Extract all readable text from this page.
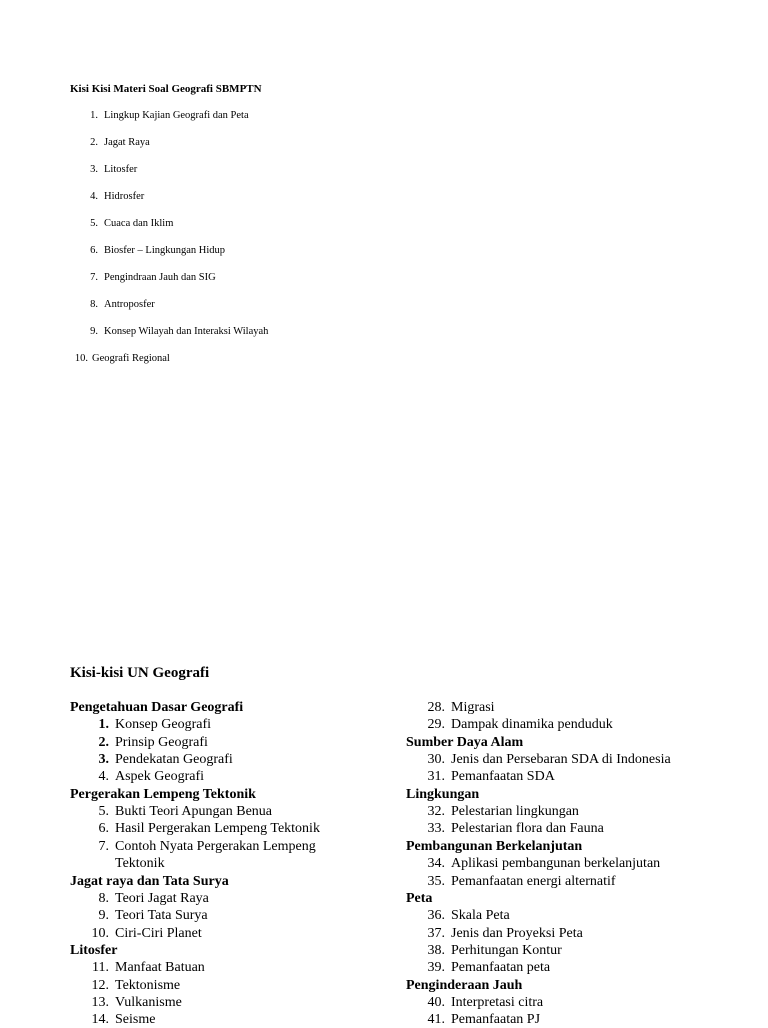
Kisi Kisi Materi Soal Geografi SBMPTN
1. Lingkup Kajian Geografi dan Peta
2. Jagat Raya
3. Litosfer
4. Hidrosfer
5. Cuaca dan Iklim
6. Biosfer – Lingkungan Hidup
7. Pengindraan Jauh dan SIG
8. Antroposfer
9. Konsep Wilayah dan Interaksi Wilayah
10. Geografi Regional
Kisi-kisi UN Geografi
Pengetahuan Dasar Geografi
1. Konsep Geografi
2. Prinsip Geografi
3. Pendekatan Geografi
4. Aspek Geografi
Pergerakan Lempeng Tektonik
5. Bukti Teori Apungan Benua
6. Hasil Pergerakan Lempeng Tektonik
7. Contoh Nyata Pergerakan Lempeng
Tektonik
Jagat raya dan Tata Surya
8. Teori Jagat Raya
9. Teori Tata Surya
10. Ciri-Ciri Planet
Litosfer
11. Manfaat Batuan
12. Tektonisme
13. Vulkanisme
14. Seisme
28. Migrasi
29. Dampak dinamika penduduk
Sumber Daya Alam
30. Jenis dan Persebaran SDA di Indonesia
31. Pemanfaatan SDA
Lingkungan
32. Pelestarian lingkungan
33. Pelestarian flora dan Fauna
Pembangunan Berkelanjutan
34. Aplikasi pembangunan berkelanjutan
35. Pemanfaatan energi alternatif
Peta
36. Skala Peta
37. Jenis dan Proyeksi Peta
38. Perhitungan Kontur
39. Pemanfaatan peta
Penginderaan Jauh
40. Interpretasi citra
41. Pemanfaatan PJ
